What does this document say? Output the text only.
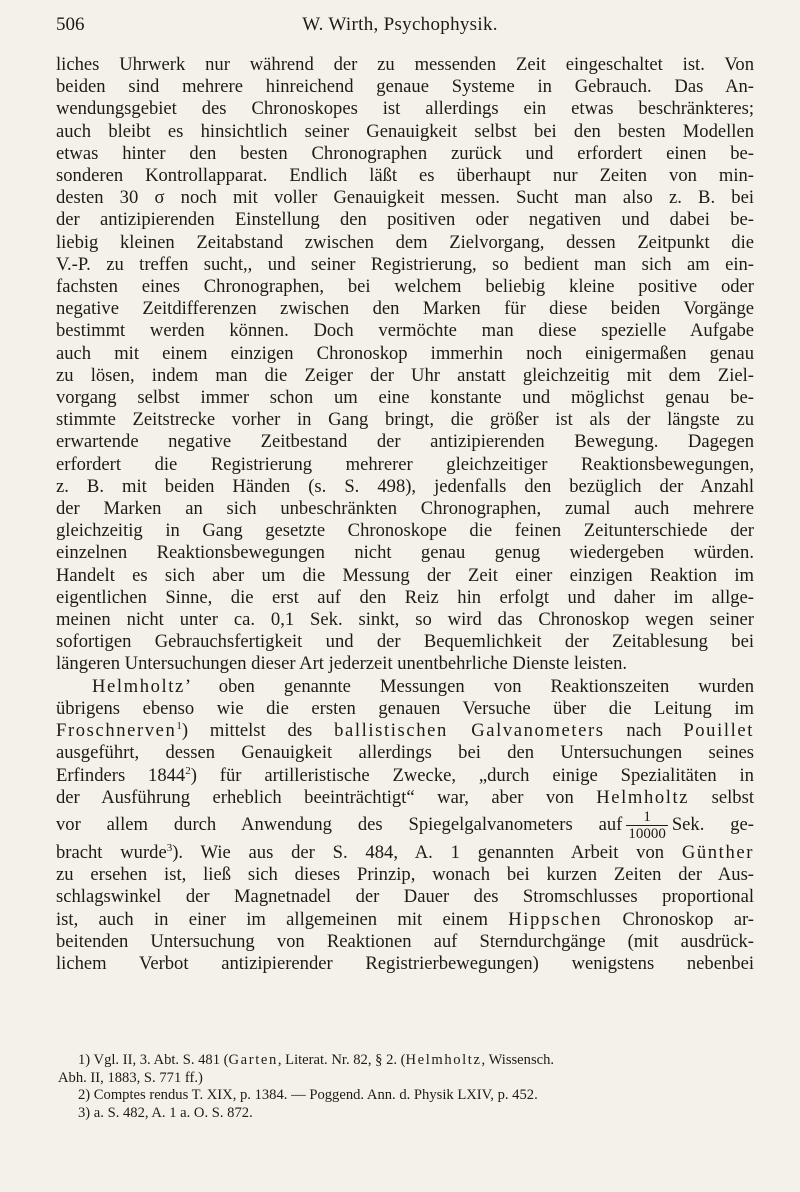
506	W. Wirth, Psychophysik.

liches Uhrwerk nur während der zu messenden Zeit eingeschaltet ist. Von

beiden sind mehrere hinreichend genaue Systeme in Gebrauch. Das An-

wendungsgebiet des Chronoskopes ist allerdings ein etwas beschränkteres;

auch bleibt es hinsichtlich seiner Genauigkeit selbst bei den besten Modellen

etwas hinter den besten Chronographen zurück und erfordert einen be-

sonderen Kontrollapparat. Endlich läßt es überhaupt nur Zeiten von min-

desten 30 σ noch mit voller Genauigkeit messen. Sucht man also z. B. bei

der antizipierenden Einstellung den positiven oder negativen und dabei be-

liebig kleinen Zeitabstand zwischen dem Zielvorgang, dessen Zeitpunkt die

V.-P. zu treffen sucht,, und seiner Registrierung, so bedient man sich am ein-

fachsten eines Chronographen, bei welchem beliebig kleine positive oder

negative Zeitdifferenzen zwischen den Marken für diese beiden Vorgänge

bestimmt werden können. Doch vermöchte man diese spezielle Aufgabe

auch mit einem einzigen Chronoskop immerhin noch einigermaßen genau

zu lösen, indem man die Zeiger der Uhr anstatt gleichzeitig mit dem Ziel-

vorgang selbst immer schon um eine konstante und möglichst genau be-

stimmte Zeitstrecke vorher in Gang bringt, die größer ist als der längste zu

erwartende negative Zeitbestand der antizipierenden Bewegung. Dagegen

erfordert die Registrierung mehrerer gleichzeitiger Reaktionsbewegungen,

z. B. mit beiden Händen (s. S. 498), jedenfalls den bezüglich der Anzahl

der Marken an sich unbeschränkten Chronographen, zumal auch mehrere

gleichzeitig in Gang gesetzte Chronoskope die feinen Zeitunterschiede der

einzelnen Reaktionsbewegungen nicht genau genug wiedergeben würden.

Handelt es sich aber um die Messung der Zeit einer einzigen Reaktion im

eigentlichen Sinne, die erst auf den Reiz hin erfolgt und daher im allge-

meinen nicht unter ca. 0,1 Sek. sinkt, so wird das Chronoskop wegen seiner

sofortigen Gebrauchsfertigkeit und der Bequemlichkeit der Zeitablesung bei

längeren Untersuchungen dieser Art jederzeit unentbehrliche Dienste leisten.

Helmholtz’ oben genannte Messungen von Reaktionszeiten wurden

übrigens ebenso wie die ersten genauen Versuche über die Leitung im

Froschnerven$^1$) mittelst des ballistischen Galvanometers nach Pouillet

ausgeführt, dessen Genauigkeit allerdings bei den Untersuchungen seines

Erfinders 1844$^2$) für artilleristische Zwecke, „durch einige Spezialitäten in

der Ausführung erheblich beeinträchtigt“ war, aber von Helmholtz selbst

vor allem durch Anwendung des Spiegelgalvanometers auf $\frac{1}{10000}$ Sek. ge-

bracht wurde$^3$). Wie aus der S. 484, A. 1 genannten Arbeit von Günther

zu ersehen ist, ließ sich dieses Prinzip, wonach bei kurzen Zeiten der Aus-

schlagswinkel der Magnetnadel der Dauer des Stromschlusses proportional

ist, auch in einer im allgemeinen mit einem Hippschen Chronoskop ar-

beitenden Untersuchung von Reaktionen auf Sterndurchgänge (mit ausdrück-

lichem Verbot antizipierender Registrierbewegungen) wenigstens nebenbei

1) Vgl. II, 3. Abt. S. 481 (Garten, Literat. Nr. 82, § 2. (Helmholtz, Wissensch.
Abh. II, 1883, S. 771 ff.)
2) Comptes rendus T. XIX, p. 1384. — Poggend. Ann. d. Physik LXIV, p. 452.
3) a. S. 482, A. 1 a. O. S. 872.
